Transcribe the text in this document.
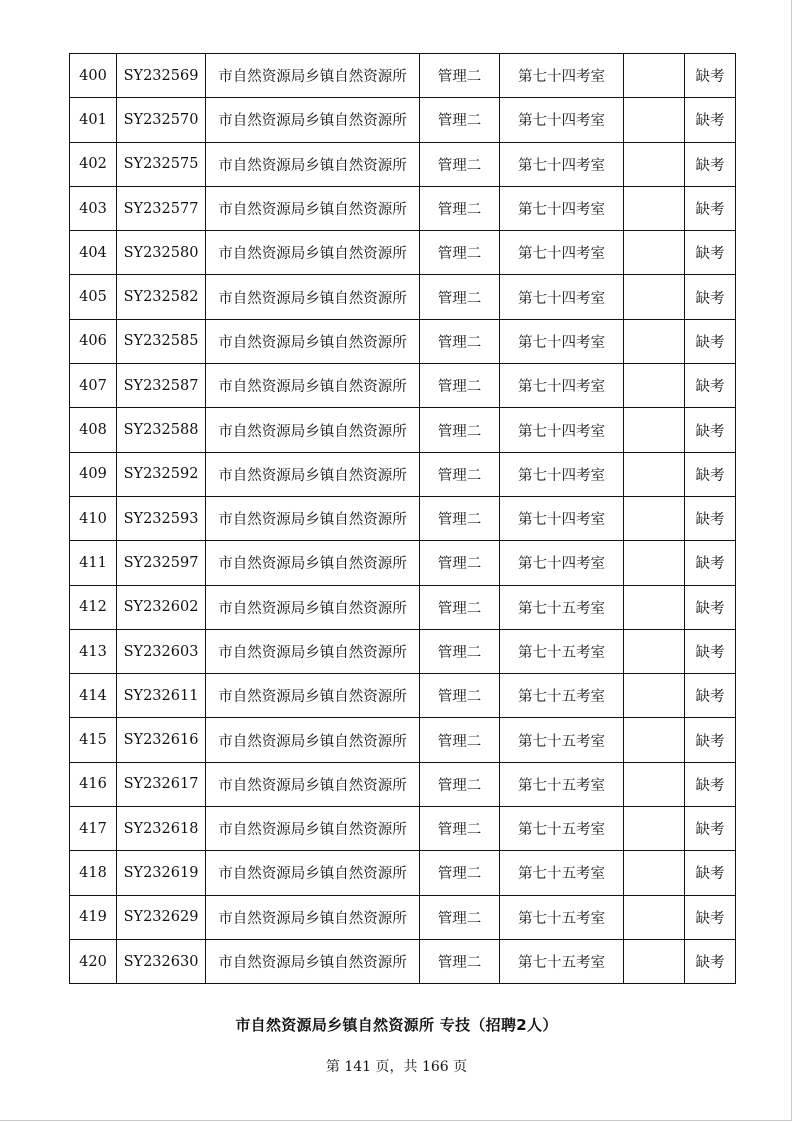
400	SY232569	市自然资源局乡镇自然资源所	管理二	第七十四考室		缺考
401	SY232570	市自然资源局乡镇自然资源所	管理二	第七十四考室		缺考
402	SY232575	市自然资源局乡镇自然资源所	管理二	第七十四考室		缺考
403	SY232577	市自然资源局乡镇自然资源所	管理二	第七十四考室		缺考
404	SY232580	市自然资源局乡镇自然资源所	管理二	第七十四考室		缺考
405	SY232582	市自然资源局乡镇自然资源所	管理二	第七十四考室		缺考
406	SY232585	市自然资源局乡镇自然资源所	管理二	第七十四考室		缺考
407	SY232587	市自然资源局乡镇自然资源所	管理二	第七十四考室		缺考
408	SY232588	市自然资源局乡镇自然资源所	管理二	第七十四考室		缺考
409	SY232592	市自然资源局乡镇自然资源所	管理二	第七十四考室		缺考
410	SY232593	市自然资源局乡镇自然资源所	管理二	第七十四考室		缺考
411	SY232597	市自然资源局乡镇自然资源所	管理二	第七十四考室		缺考
412	SY232602	市自然资源局乡镇自然资源所	管理二	第七十五考室		缺考
413	SY232603	市自然资源局乡镇自然资源所	管理二	第七十五考室		缺考
414	SY232611	市自然资源局乡镇自然资源所	管理二	第七十五考室		缺考
415	SY232616	市自然资源局乡镇自然资源所	管理二	第七十五考室		缺考
416	SY232617	市自然资源局乡镇自然资源所	管理二	第七十五考室		缺考
417	SY232618	市自然资源局乡镇自然资源所	管理二	第七十五考室		缺考
418	SY232619	市自然资源局乡镇自然资源所	管理二	第七十五考室		缺考
419	SY232629	市自然资源局乡镇自然资源所	管理二	第七十五考室		缺考
420	SY232630	市自然资源局乡镇自然资源所	管理二	第七十五考室		缺考
市自然资源局乡镇自然资源所 专技（招聘2人）
第 141 页，共 166 页
